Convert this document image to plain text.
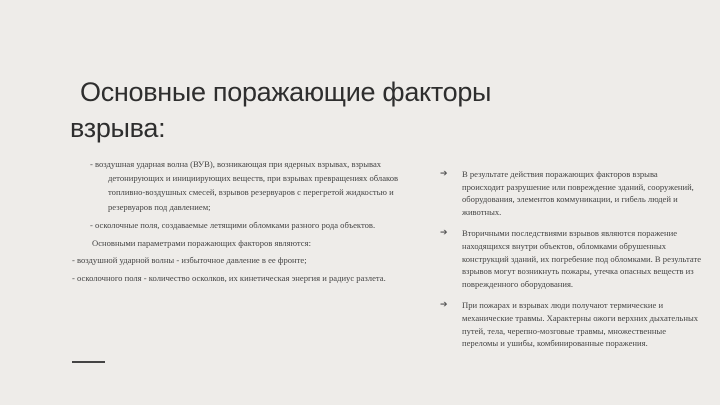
Основные поражающие факторы
взрыва:
- воздушная ударная волна (ВУВ), возникающая при ядерных взрывах, взрывах детонирующих и инициирующих веществ, при взрывах превращениях облаков топливно-воздушных смесей, взрывов резервуаров с перегретой жидкостью и резервуаров под давлением;
- осколочные поля, создаваемые летящими обломками разного рода объектов.
Основными параметрами поражающих факторов являются:
- воздушной ударной волны - избыточное давление в ее фронте;
- осколочного поля - количество осколков, их кинетическая энергия и радиус разлета.
➔ В результате действия поражающих факторов взрыва происходит разрушение или повреждение зданий, сооружений, оборудования, элементов коммуникации, и гибель людей и животных.
➔ Вторичными последствиями взрывов являются поражение находящихся внутри объектов, обломками обрушенных конструкций зданий, их погребение под обломками. В результате взрывов могут возникнуть пожары, утечка опасных веществ из поврежденного оборудования.
➔ При пожарах и взрывах люди получают термические и механические травмы. Характерны ожоги верхних дыхательных путей, тела, черепно-мозговые травмы, множественные переломы и ушибы, комбинированные поражения.
